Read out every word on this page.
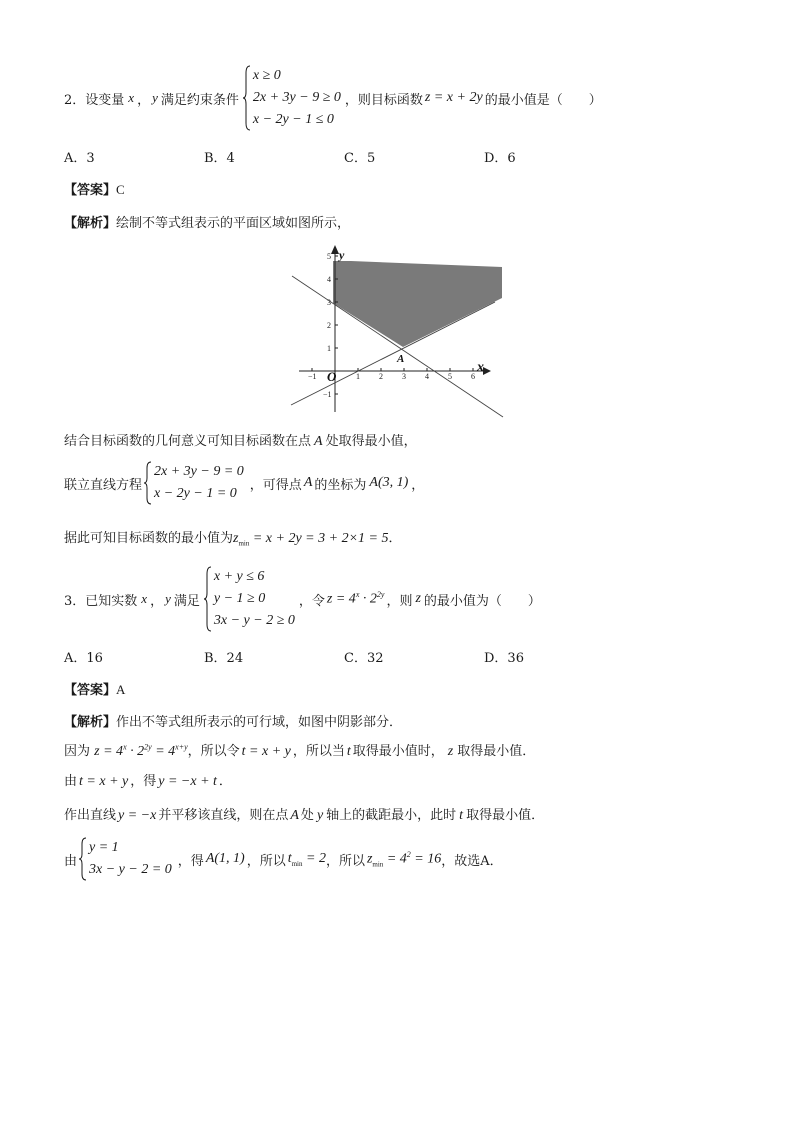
2．设变量 x ， y 满足约束条件
x ≥ 0
2x + 3y − 9 ≥ 0
x − 2y − 1 ≤ 0
，则目标函数 z = x + 2y 的最小值是（　　）
A．3	B．4	C．5	D．6
【答案】C
【解析】绘制不等式组表示的平面区域如图所示，
−1	1 2 3 4 5 6
5
4
3
2
1
−1
y
x
O
A
结合目标函数的几何意义可知目标函数在点 A 处取得最小值，
联立直线方程
2x + 3y − 9 = 0
x − 2y − 1 = 0
，可得点 A 的坐标为 A(3, 1) ，
据此可知目标函数的最小值为$z_{min} = x + 2y = 3 + 2\times 1 = 5$．
3．已知实数 x ， y 满足
x + y ≤ 6
y − 1 ≥ 0
3x − y − 2 ≥ 0
，令 $z = 4^x \cdot 2^{2y}$ ，则 z 的最小值为（　　）
A．16	B．24	C．32	D．36
【答案】A
【解析】作出不等式组所表示的可行域，如图中阴影部分．
因为 $z = 4^x \cdot 2^{2y} = 4^{x+y}$，所以令 t = x + y ，所以当 t 取得最小值时， z 取得最小值．
由 t = x + y ，得 y = −x + t ．
作出直线 y = −x 并平移该直线，则在点 A 处 y 轴上的截距最小，此时 t 取得最小值．
由
y = 1
3x − y − 2 = 0
，得 A(1, 1) ，所以 $t_{min} = 2$ ，所以 $z_{min} = 4^2 = 16$ ，故选A．
